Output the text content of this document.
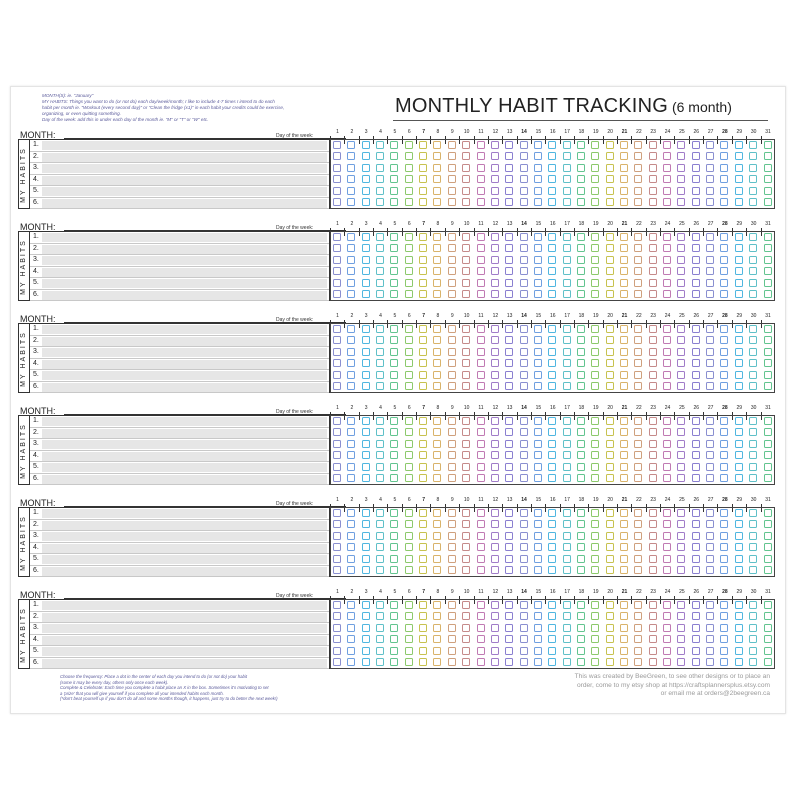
MONTH(S): ie. "January"
MY HABITS: Things you want to do (or not do) each day/week/month; I like to include 4-7 times I intend to do each
habit per month ie. "Workout (every second day)" or "Clean the fridge (x1)" in each habit your credits could be exercise,
organizing, or even quitting something.
Day of the week: add this in under each day of the month ie. "M" or "T" or "W" etc.
MONTHLY HABIT TRACKING (6 month)
MONTH:	Day of the week:
MY HABITS
1.
2.
3.
4.
5.
6.
1	2	3	4	5	6	7	8	9	10	11	12	13	14	15	16	17	18	19	20	21	22	23	24	25	26	27	28	29	30	31
MONTH:	Day of the week:
MY HABITS
1.
2.
3.
4.
5.
6.
1	2	3	4	5	6	7	8	9	10	11	12	13	14	15	16	17	18	19	20	21	22	23	24	25	26	27	28	29	30	31
MONTH:	Day of the week:
MY HABITS
1.
2.
3.
4.
5.
6.
1	2	3	4	5	6	7	8	9	10	11	12	13	14	15	16	17	18	19	20	21	22	23	24	25	26	27	28	29	30	31
MONTH:	Day of the week:
MY HABITS
1.
2.
3.
4.
5.
6.
1	2	3	4	5	6	7	8	9	10	11	12	13	14	15	16	17	18	19	20	21	22	23	24	25	26	27	28	29	30	31
MONTH:	Day of the week:
MY HABITS
1.
2.
3.
4.
5.
6.
1	2	3	4	5	6	7	8	9	10	11	12	13	14	15	16	17	18	19	20	21	22	23	24	25	26	27	28	29	30	31
MONTH:	Day of the week:
MY HABITS
1.
2.
3.
4.
5.
6.
1	2	3	4	5	6	7	8	9	10	11	12	13	14	15	16	17	18	19	20	21	22	23	24	25	26	27	28	29	30	31
Choose the frequency: Place a dot in the center of each day you intend to do (or not do) your habit
(some it may be every day, others only once each week).
Complete & Celebrate: Each time you complete a habit place an X in the box. Sometimes it's motivating to set
a 'prize' that you will give yourself if you complete all your intended habits each month.
(*don't beat yourself up if you don't do all and some months though, it happens, just try to do better the next week!)
This was created by BeeGreen, to see other designs or to place an
order, come to my etsy shop at https://craftsplannersplus.etsy.com
or email me at orders@2beegreen.ca
